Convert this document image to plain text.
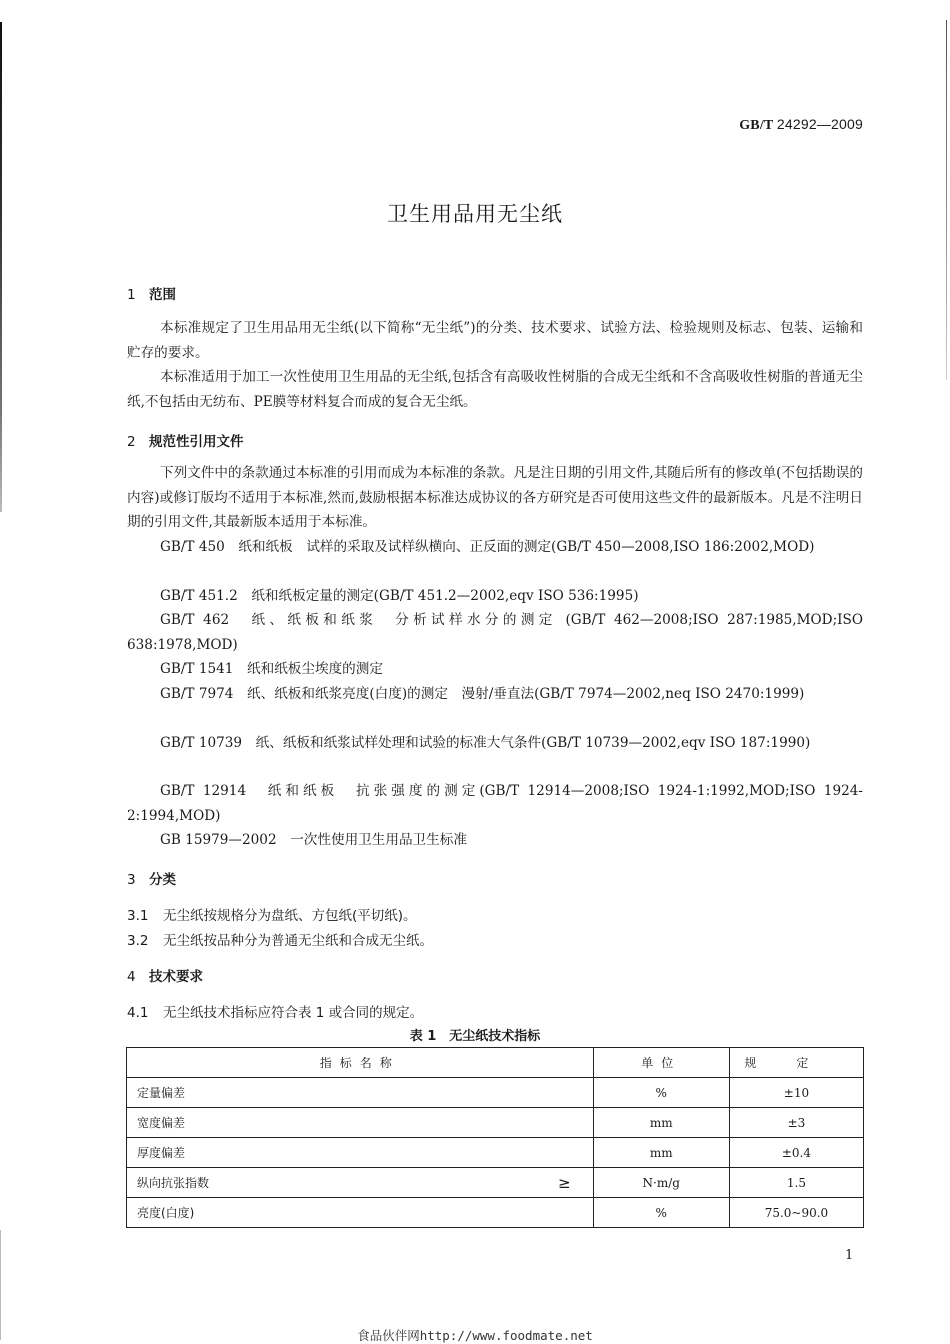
GB/T 24292—2009
卫生用品用无尘纸
1 范围
本标准规定了卫生用品用无尘纸(以下简称“无尘纸”)的分类、技术要求、试验方法、检验规则及标志、包装、运输和贮存的要求。
本标准适用于加工一次性使用卫生用品的无尘纸,包括含有高吸收性树脂的合成无尘纸和不含高吸收性树脂的普通无尘纸,不包括由无纺布、PE膜等材料复合而成的复合无尘纸。
2 规范性引用文件
下列文件中的条款通过本标准的引用而成为本标准的条款。凡是注日期的引用文件,其随后所有的修改单(不包括勘误的内容)或修订版均不适用于本标准,然而,鼓励根据本标准达成协议的各方研究是否可使用这些文件的最新版本。凡是不注明日期的引用文件,其最新版本适用于本标准。
GB/T 450　纸和纸板　试样的采取及试样纵横向、正反面的测定(GB/T 450—2008,ISO 186:2002,MOD)
GB/T 451.2　纸和纸板定量的测定(GB/T 451.2—2002,eqv ISO 536:1995)
GB/T 462　纸、纸板和纸浆　分析试样水分的测定 (GB/T 462—2008;ISO 287:1985,MOD;ISO 638:1978,MOD)
GB/T 1541　纸和纸板尘埃度的测定
GB/T 7974　纸、纸板和纸浆亮度(白度)的测定　漫射/垂直法(GB/T 7974—2002,neq ISO 2470:1999)
GB/T 10739　纸、纸板和纸浆试样处理和试验的标准大气条件(GB/T 10739—2002,eqv ISO 187:1990)
GB/T 12914　纸和纸板　抗张强度的测定(GB/T 12914—2008;ISO 1924-1:1992,MOD;ISO 1924-2:1994,MOD)
GB 15979—2002　一次性使用卫生用品卫生标准
3 分类
3.1 无尘纸按规格分为盘纸、方包纸(平切纸)。
3.2 无尘纸按品种分为普通无尘纸和合成无尘纸。
4 技术要求
4.1 无尘纸技术指标应符合表 1 或合同的规定。
表 1　无尘纸技术指标
指标名称	单位	规定
定量偏差	%	±10
宽度偏差	mm	±3
厚度偏差	mm	±0.4
纵向抗张指数 ≥	N·m/g	1.5
亮度(白度)	%	75.0~90.0
1
食品伙伴网http://www.foodmate.net
